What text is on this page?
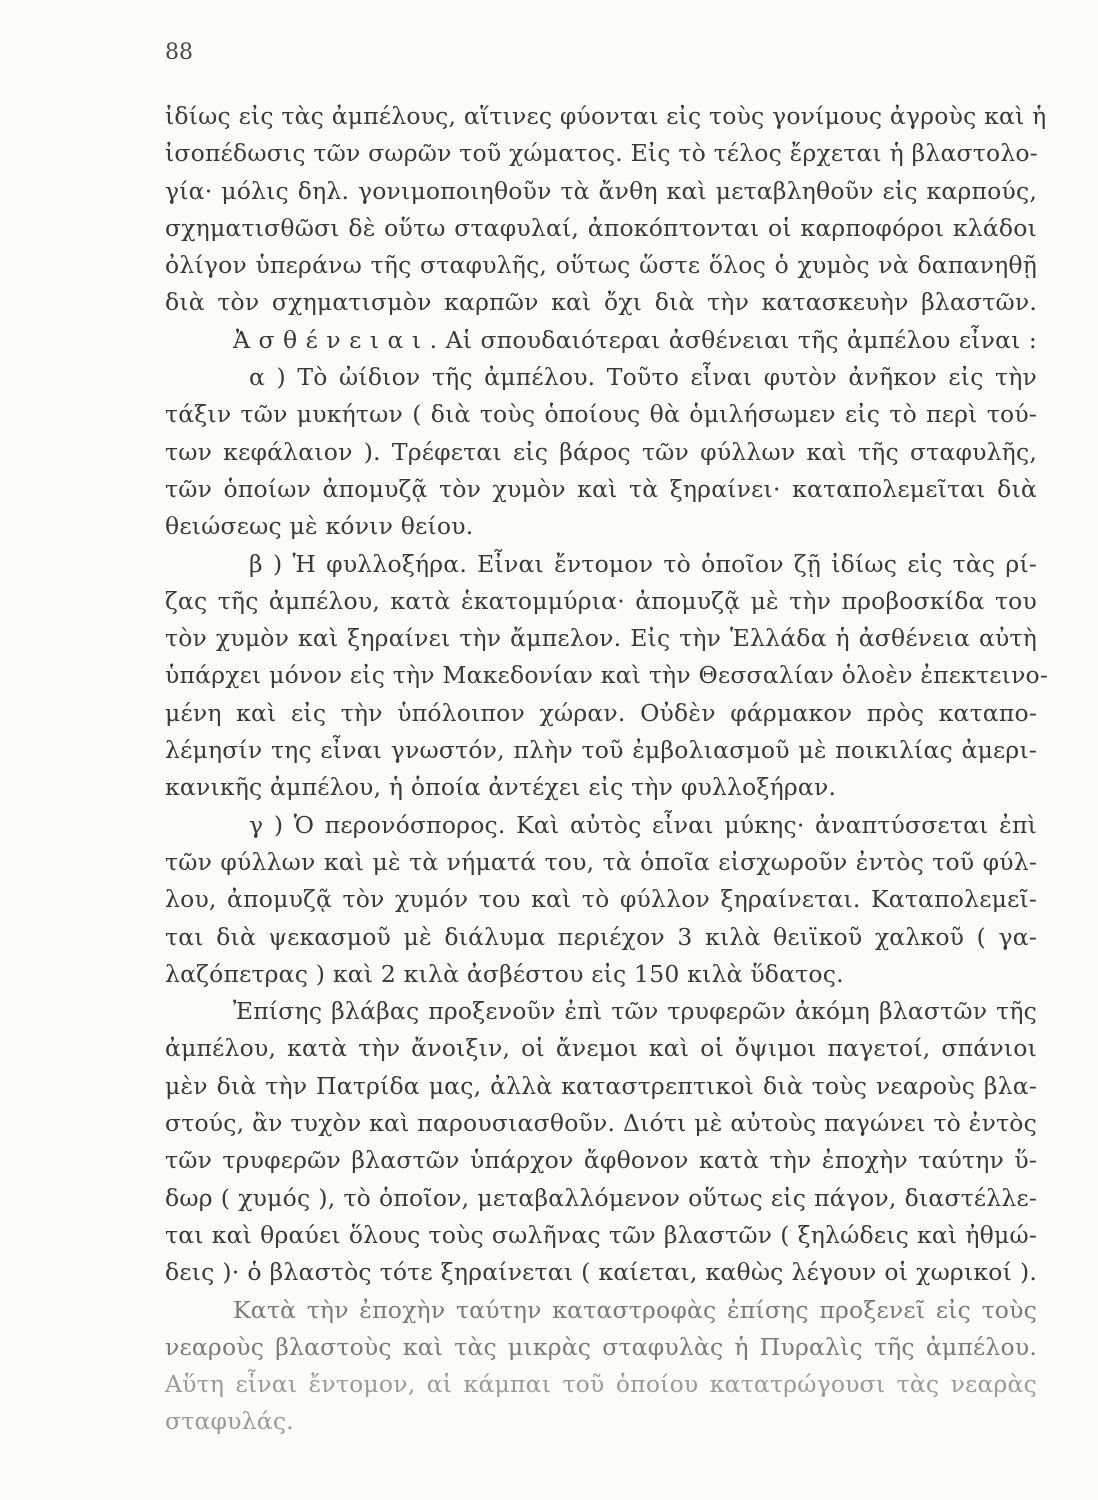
88
ἰδίως εἰς τὰς ἀμπέλους, αἵτινες φύονται εἰς τοὺς γονίμους ἀγροὺς καὶ ἡ
ἰσοπέδωσις τῶν σωρῶν τοῦ χώματος. Εἰς τὸ τέλος ἔρχεται ἡ βλαστολο-
γία· μόλις δηλ. γονιμοποιηθοῦν τὰ ἄνθη καὶ μεταβληθοῦν εἰς καρπούς,
σχηματισθῶσι δὲ οὕτω σταφυλαί, ἀποκόπτονται οἱ καρποφόροι κλάδοι
ὀλίγον ὑπεράνω τῆς σταφυλῆς, οὕτως ὥστε ὅλος ὁ χυμὸς νὰ δαπανηθῇ
διὰ τὸν σχηματισμὸν καρπῶν καὶ ὄχι διὰ τὴν κατασκευὴν βλαστῶν.
Ἀ σ θ έ ν ε ι α ι . Αἱ σπουδαιότεραι ἀσθένειαι τῆς ἀμπέλου εἶναι :
α ) Τὸ ὠίδιον τῆς ἀμπέλου. Τοῦτο εἶναι φυτὸν ἀνῆκον εἰς τὴν
τάξιν τῶν μυκήτων ( διὰ τοὺς ὁποίους θὰ ὁμιλήσωμεν εἰς τὸ περὶ τού-
των κεφάλαιον ). Τρέφεται εἰς βάρος τῶν φύλλων καὶ τῆς σταφυλῆς,
τῶν ὁποίων ἀπομυζᾷ τὸν χυμὸν καὶ τὰ ξηραίνει· καταπολεμεῖται διὰ
θειώσεως μὲ κόνιν θείου.
β ) Ἡ φυλλοξήρα. Εἶναι ἔντομον τὸ ὁποῖον ζῇ ἰδίως εἰς τὰς ρί-
ζας τῆς ἀμπέλου, κατὰ ἑκατομμύρια· ἀπομυζᾷ μὲ τὴν προβοσκίδα του
τὸν χυμὸν καὶ ξηραίνει τὴν ἄμπελον. Εἰς τὴν Ἑλλάδα ἡ ἀσθένεια αὐτὴ
ὑπάρχει μόνον εἰς τὴν Μακεδονίαν καὶ τὴν Θεσσαλίαν ὁλοὲν ἐπεκτεινο-
μένη καὶ εἰς τὴν ὑπόλοιπον χώραν. Οὐδὲν φάρμακον πρὸς καταπο-
λέμησίν της εἶναι γνωστόν, πλὴν τοῦ ἐμβολιασμοῦ μὲ ποικιλίας ἀμερι-
κανικῆς ἀμπέλου, ἡ ὁποία ἀντέχει εἰς τὴν φυλλοξήραν.
γ ) Ὁ περονόσπορος. Καὶ αὐτὸς εἶναι μύκης· ἀναπτύσσεται ἐπὶ
τῶν φύλλων καὶ μὲ τὰ νήματά του, τὰ ὁποῖα εἰσχωροῦν ἐντὸς τοῦ φύλ-
λου, ἀπομυζᾷ τὸν χυμόν του καὶ τὸ φύλλον ξηραίνεται. Καταπολεμεῖ-
ται διὰ ψεκασμοῦ μὲ διάλυμα περιέχον 3 κιλὰ θειϊκοῦ χαλκοῦ ( γα-
λαζόπετρας ) καὶ 2 κιλὰ ἀσβέστου εἰς 150 κιλὰ ὕδατος.
Ἐπίσης βλάβας προξενοῦν ἐπὶ τῶν τρυφερῶν ἀκόμη βλαστῶν τῆς
ἀμπέλου, κατὰ τὴν ἄνοιξιν, οἱ ἄνεμοι καὶ οἱ ὄψιμοι παγετοί, σπάνιοι
μὲν διὰ τὴν Πατρίδα μας, ἀλλὰ καταστρεπτικοὶ διὰ τοὺς νεαροὺς βλα-
στούς, ἂν τυχὸν καὶ παρουσιασθοῦν. Διότι μὲ αὐτοὺς παγώνει τὸ ἐντὸς
τῶν τρυφερῶν βλαστῶν ὑπάρχον ἄφθονον κατὰ τὴν ἐποχὴν ταύτην ὕ-
δωρ ( χυμός ), τὸ ὁποῖον, μεταβαλλόμενον οὕτως εἰς πάγον, διαστέλλε-
ται καὶ θραύει ὅλους τοὺς σωλῆνας τῶν βλαστῶν ( ξηλώδεις καὶ ἠθμώ-
δεις )· ὁ βλαστὸς τότε ξηραίνεται ( καίεται, καθὼς λέγουν οἱ χωρικοί ).
Κατὰ τὴν ἐποχὴν ταύτην καταστροφὰς ἐπίσης προξενεῖ εἰς τοὺς
νεαροὺς βλαστοὺς καὶ τὰς μικρὰς σταφυλὰς ἡ Πυραλὶς τῆς ἀμπέλου.
Αὕτη εἶναι ἔντομον, αἱ κάμπαι τοῦ ὁποίου κατατρώγουσι τὰς νεαρὰς
σταφυλάς.
